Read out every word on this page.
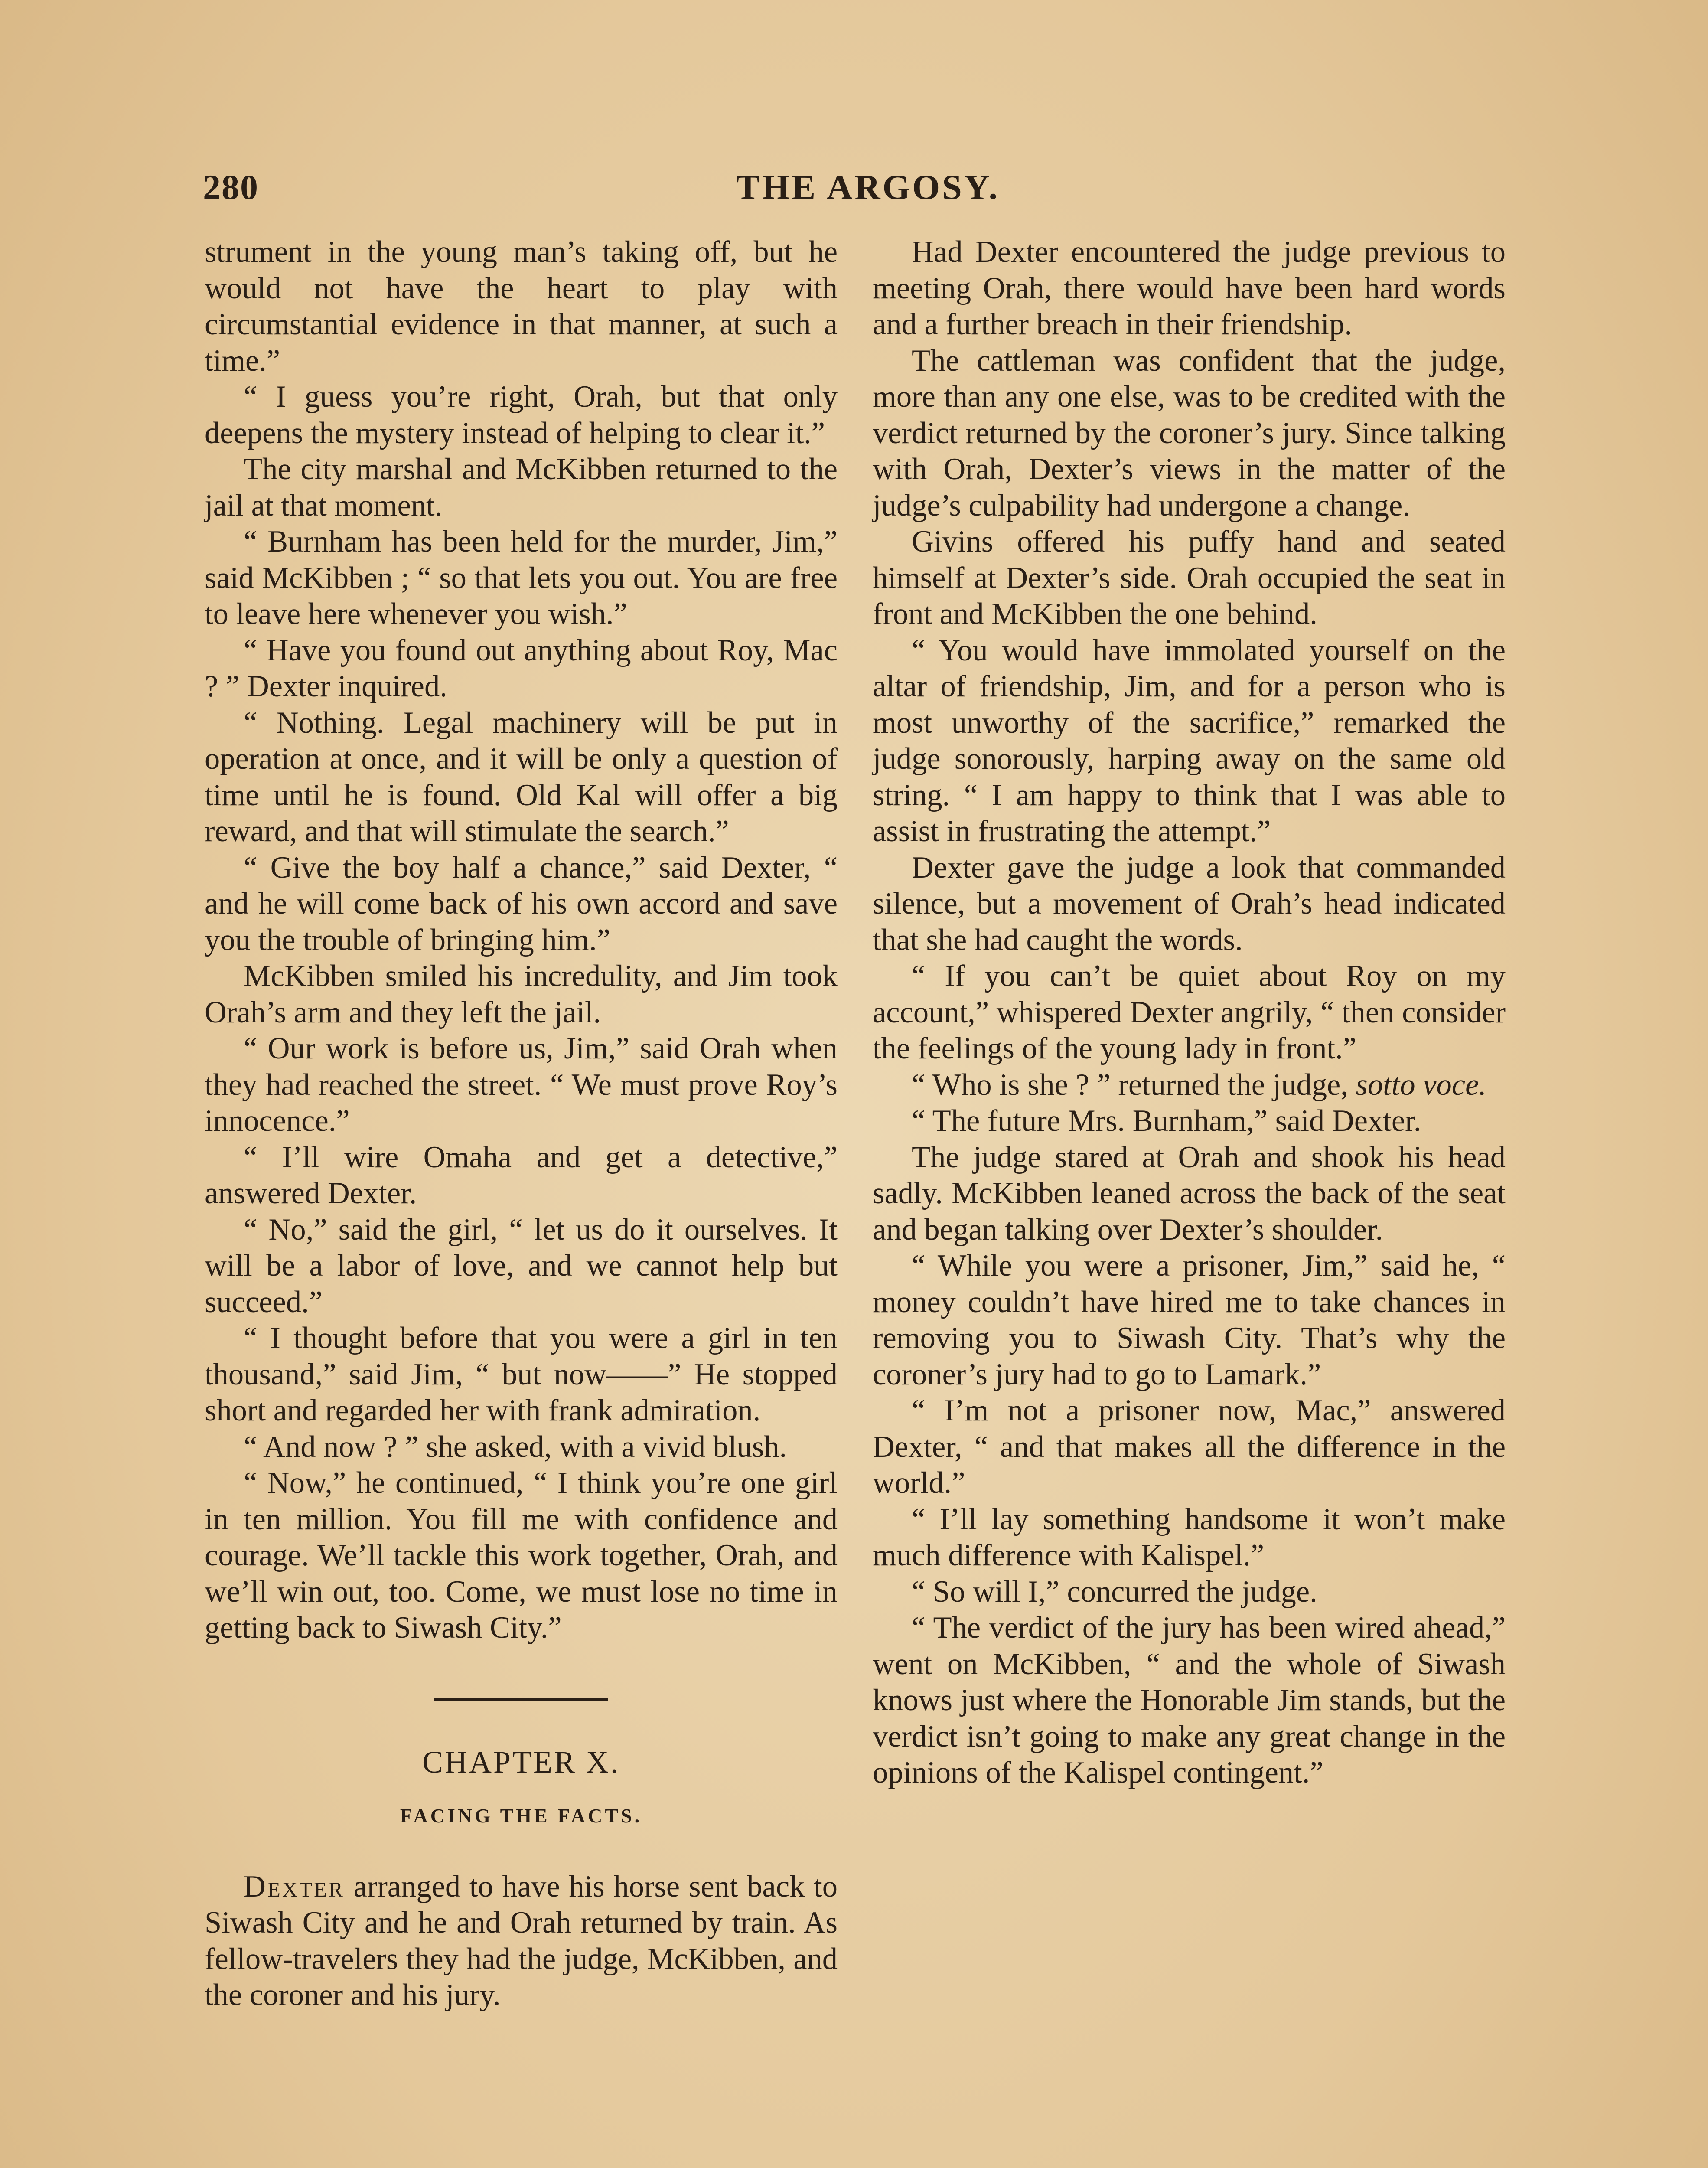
280	THE ARGOSY.

strument in the young man’s taking off, but he would not have the heart to play with circumstantial evidence in that manner, at such a time.”

“ I guess you’re right, Orah, but that only deepens the mystery instead of helping to clear it.”

The city marshal and McKibben returned to the jail at that moment.

“ Burnham has been held for the murder, Jim,” said McKibben ; “ so that lets you out. You are free to leave here whenever you wish.”

“ Have you found out anything about Roy, Mac ? ” Dexter inquired.

“ Nothing. Legal machinery will be put in operation at once, and it will be only a question of time until he is found. Old Kal will offer a big reward, and that will stimulate the search.”

“ Give the boy half a chance,” said Dexter, “ and he will come back of his own accord and save you the trouble of bringing him.”

McKibben smiled his incredulity, and Jim took Orah’s arm and they left the jail.

“ Our work is before us, Jim,” said Orah when they had reached the street. “ We must prove Roy’s innocence.”

“ I’ll wire Omaha and get a detective,” answered Dexter.

“ No,” said the girl, “ let us do it ourselves. It will be a labor of love, and we cannot help but succeed.”

“ I thought before that you were a girl in ten thousand,” said Jim, “ but now——” He stopped short and regarded her with frank admiration.

“ And now ? ” she asked, with a vivid blush.

“ Now,” he continued, “ I think you’re one girl in ten million. You fill me with confidence and courage. We’ll tackle this work together, Orah, and we’ll win out, too. Come, we must lose no time in getting back to Siwash City.”

CHAPTER X.

FACING THE FACTS.

Dexter arranged to have his horse sent back to Siwash City and he and Orah returned by train. As fellow-travelers they had the judge, McKibben, and the coroner and his jury.

Had Dexter encountered the judge previous to meeting Orah, there would have been hard words and a further breach in their friendship.

The cattleman was confident that the judge, more than any one else, was to be credited with the verdict returned by the coroner’s jury. Since talking with Orah, Dexter’s views in the matter of the judge’s culpability had undergone a change.

Givins offered his puffy hand and seated himself at Dexter’s side. Orah occupied the seat in front and McKibben the one behind.

“ You would have immolated yourself on the altar of friendship, Jim, and for a person who is most unworthy of the sacrifice,” remarked the judge sonorously, harping away on the same old string. “ I am happy to think that I was able to assist in frustrating the attempt.”

Dexter gave the judge a look that commanded silence, but a movement of Orah’s head indicated that she had caught the words.

“ If you can’t be quiet about Roy on my account,” whispered Dexter angrily, “ then consider the feelings of the young lady in front.”

“ Who is she ? ” returned the judge, sotto voce.

“ The future Mrs. Burnham,” said Dexter.

The judge stared at Orah and shook his head sadly. McKibben leaned across the back of the seat and began talking over Dexter’s shoulder.

“ While you were a prisoner, Jim,” said he, “ money couldn’t have hired me to take chances in removing you to Siwash City. That’s why the coroner’s jury had to go to Lamark.”

“ I’m not a prisoner now, Mac,” answered Dexter, “ and that makes all the difference in the world.”

“ I’ll lay something handsome it won’t make much difference with Kalispel.”

“ So will I,” concurred the judge.

“ The verdict of the jury has been wired ahead,” went on McKibben, “ and the whole of Siwash knows just where the Honorable Jim stands, but the verdict isn’t going to make any great change in the opinions of the Kalispel contingent.”
